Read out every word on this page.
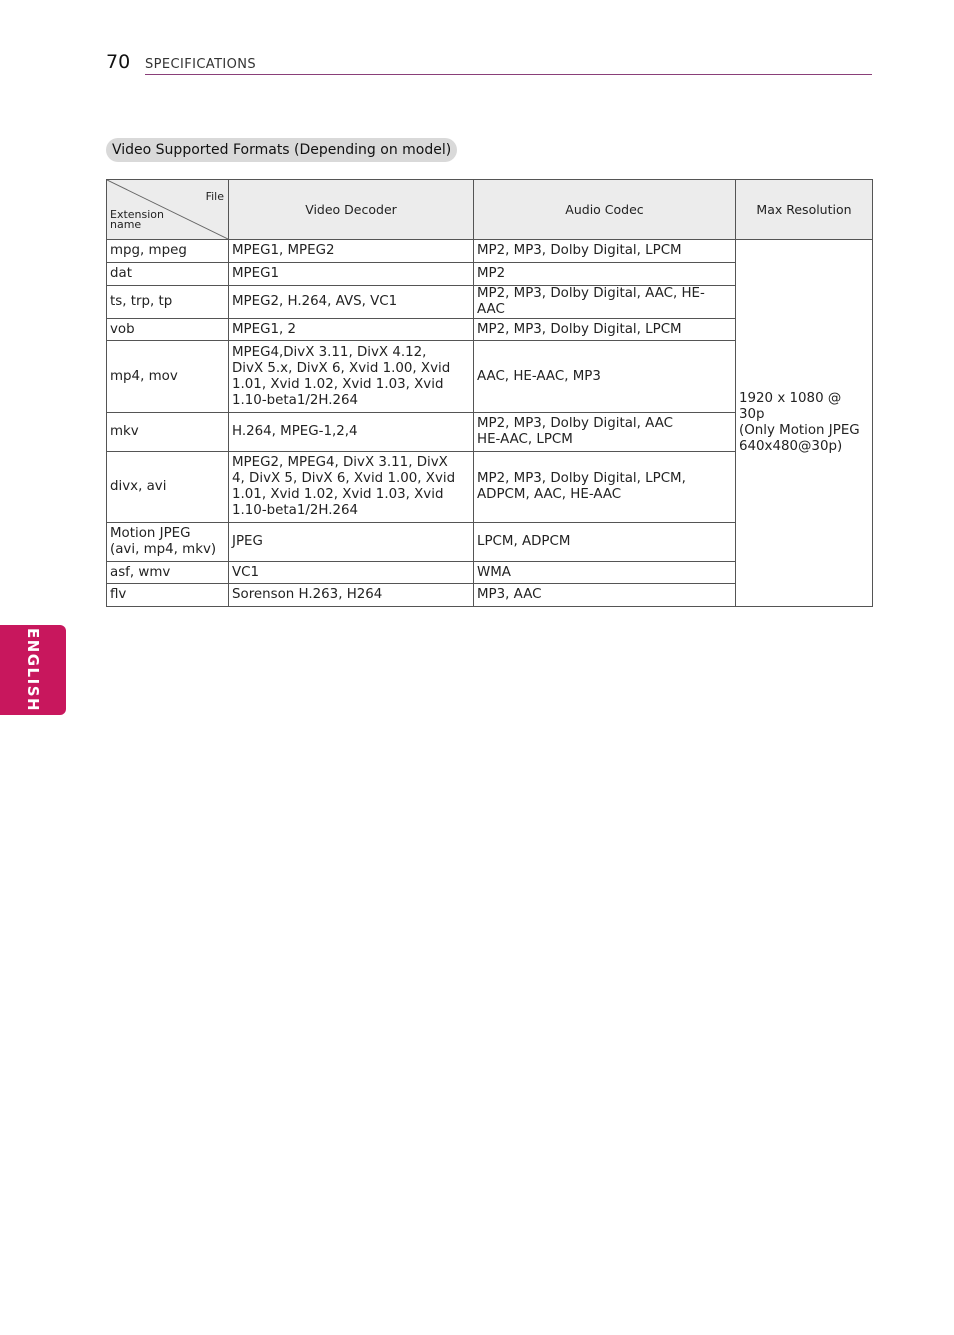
70 SPECIFICATIONS
Video Supported Formats (Depending on model)
File
Extension
name	Video Decoder	Audio Codec	Max Resolution
mpg, mpeg	MPEG1, MPEG2	MP2, MP3, Dolby Digital, LPCM	1920 x 1080 @ 30p
(Only Motion JPEG
640x480@30p)
dat	MPEG1	MP2	
ts, trp, tp	MPEG2, H.264, AVS, VC1	MP2, MP3, Dolby Digital, AAC, HE-AAC	
vob	MPEG1, 2	MP2, MP3, Dolby Digital, LPCM	
mp4, mov	MPEG4,DivX 3.11, DivX 4.12,
DivX 5.x, DivX 6, Xvid 1.00, Xvid
1.01, Xvid 1.02, Xvid 1.03, Xvid
1.10-beta1/2H.264	AAC, HE-AAC, MP3	
mkv	H.264, MPEG-1,2,4	MP2, MP3, Dolby Digital, AAC
HE-AAC, LPCM	
divx, avi	MPEG2, MPEG4, DivX 3.11, DivX
4, DivX 5, DivX 6, Xvid 1.00, Xvid
1.01, Xvid 1.02, Xvid 1.03, Xvid
1.10-beta1/2H.264	MP2, MP3, Dolby Digital, LPCM,
ADPCM, AAC, HE-AAC	
Motion JPEG
(avi, mp4, mkv)	JPEG	LPCM, ADPCM	
asf, wmv	VC1	WMA	
flv	Sorenson H.263, H264	MP3, AAC	
ENGLISH
